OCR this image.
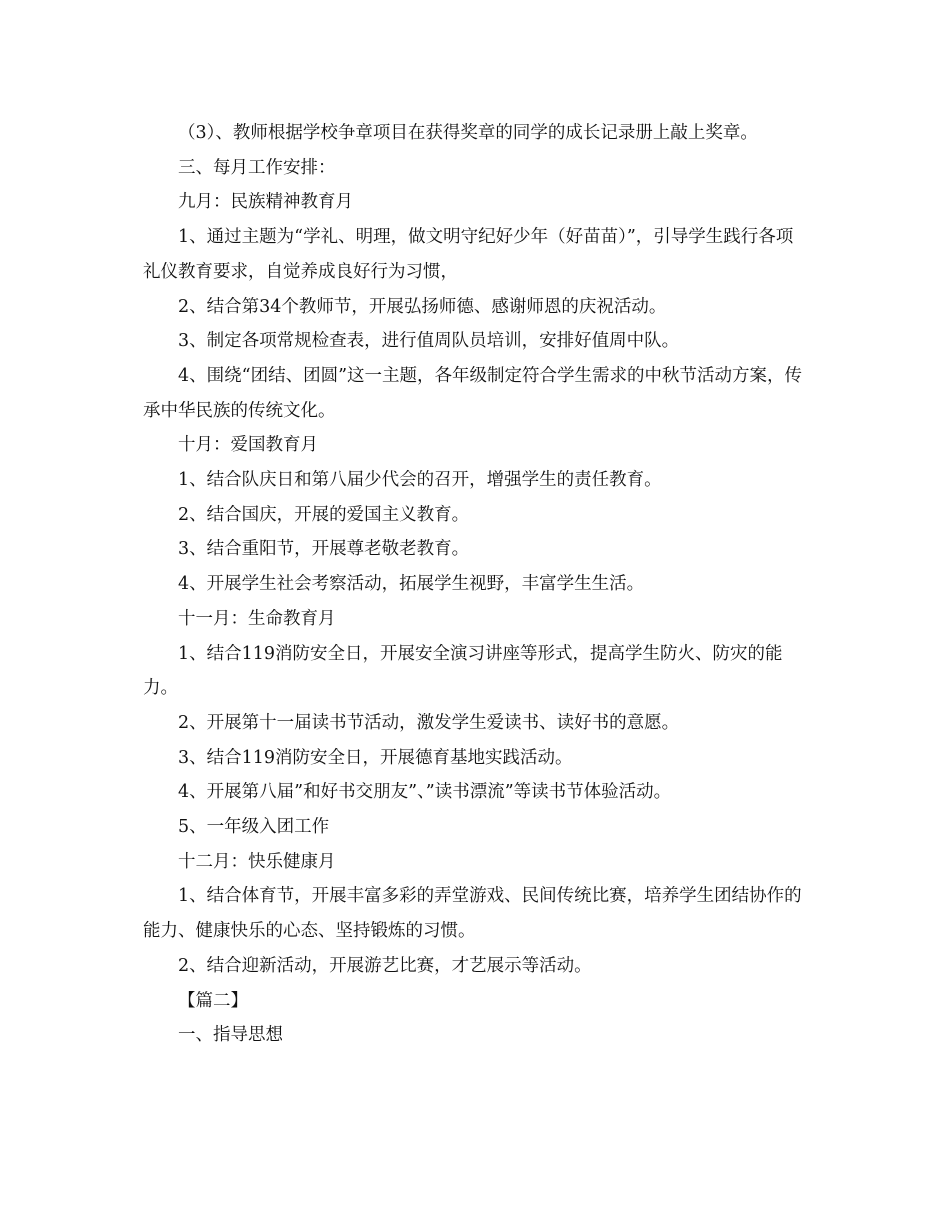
（3）、教师根据学校争章项目在获得奖章的同学的成长记录册上敲上奖章。

三、每月工作安排：

九月：民族精神教育月

1、通过主题为“学礼、明理，做文明守纪好少年（好苗苗）”，引导学生践行各项礼仪教育要求，自觉养成良好行为习惯，

2、结合第34个教师节，开展弘扬师德、感谢师恩的庆祝活动。

3、制定各项常规检查表，进行值周队员培训，安排好值周中队。

4、围绕“团结、团圆”这一主题，各年级制定符合学生需求的中秋节活动方案，传承中华民族的传统文化。

十月：爱国教育月

1、结合队庆日和第八届少代会的召开，增强学生的责任教育。

2、结合国庆，开展的爱国主义教育。

3、结合重阳节，开展尊老敬老教育。

4、开展学生社会考察活动，拓展学生视野，丰富学生生活。

十一月：生命教育月

1、结合119消防安全日，开展安全演习讲座等形式，提高学生防火、防灾的能力。

2、开展第十一届读书节活动，激发学生爱读书、读好书的意愿。

3、结合119消防安全日，开展德育基地实践活动。

4、开展第八届”和好书交朋友”、”读书漂流”等读书节体验活动。

5、一年级入团工作

十二月：快乐健康月

1、结合体育节，开展丰富多彩的弄堂游戏、民间传统比赛，培养学生团结协作的能力、健康快乐的心态、坚持锻炼的习惯。

2、结合迎新活动，开展游艺比赛，才艺展示等活动。

【篇二】

一、指导思想
